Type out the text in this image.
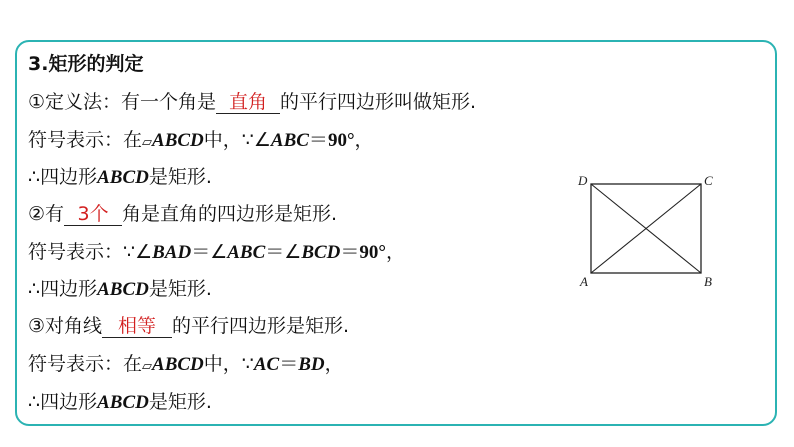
3.矩形的判定
①定义法：有一个角是 直角 的平行四边形叫做矩形.
符号表示：在▱ABCD中，∵∠ABC＝90°，
∴四边形ABCD是矩形.
②有 3个 角是直角的四边形是矩形.
符号表示：∵∠BAD＝∠ABC＝∠BCD＝90°，
∴四边形ABCD是矩形.
③对角线 相等 的平行四边形是矩形.
符号表示：在▱ABCD中，∵AC＝BD，
∴四边形ABCD是矩形.
D	C
A	B
